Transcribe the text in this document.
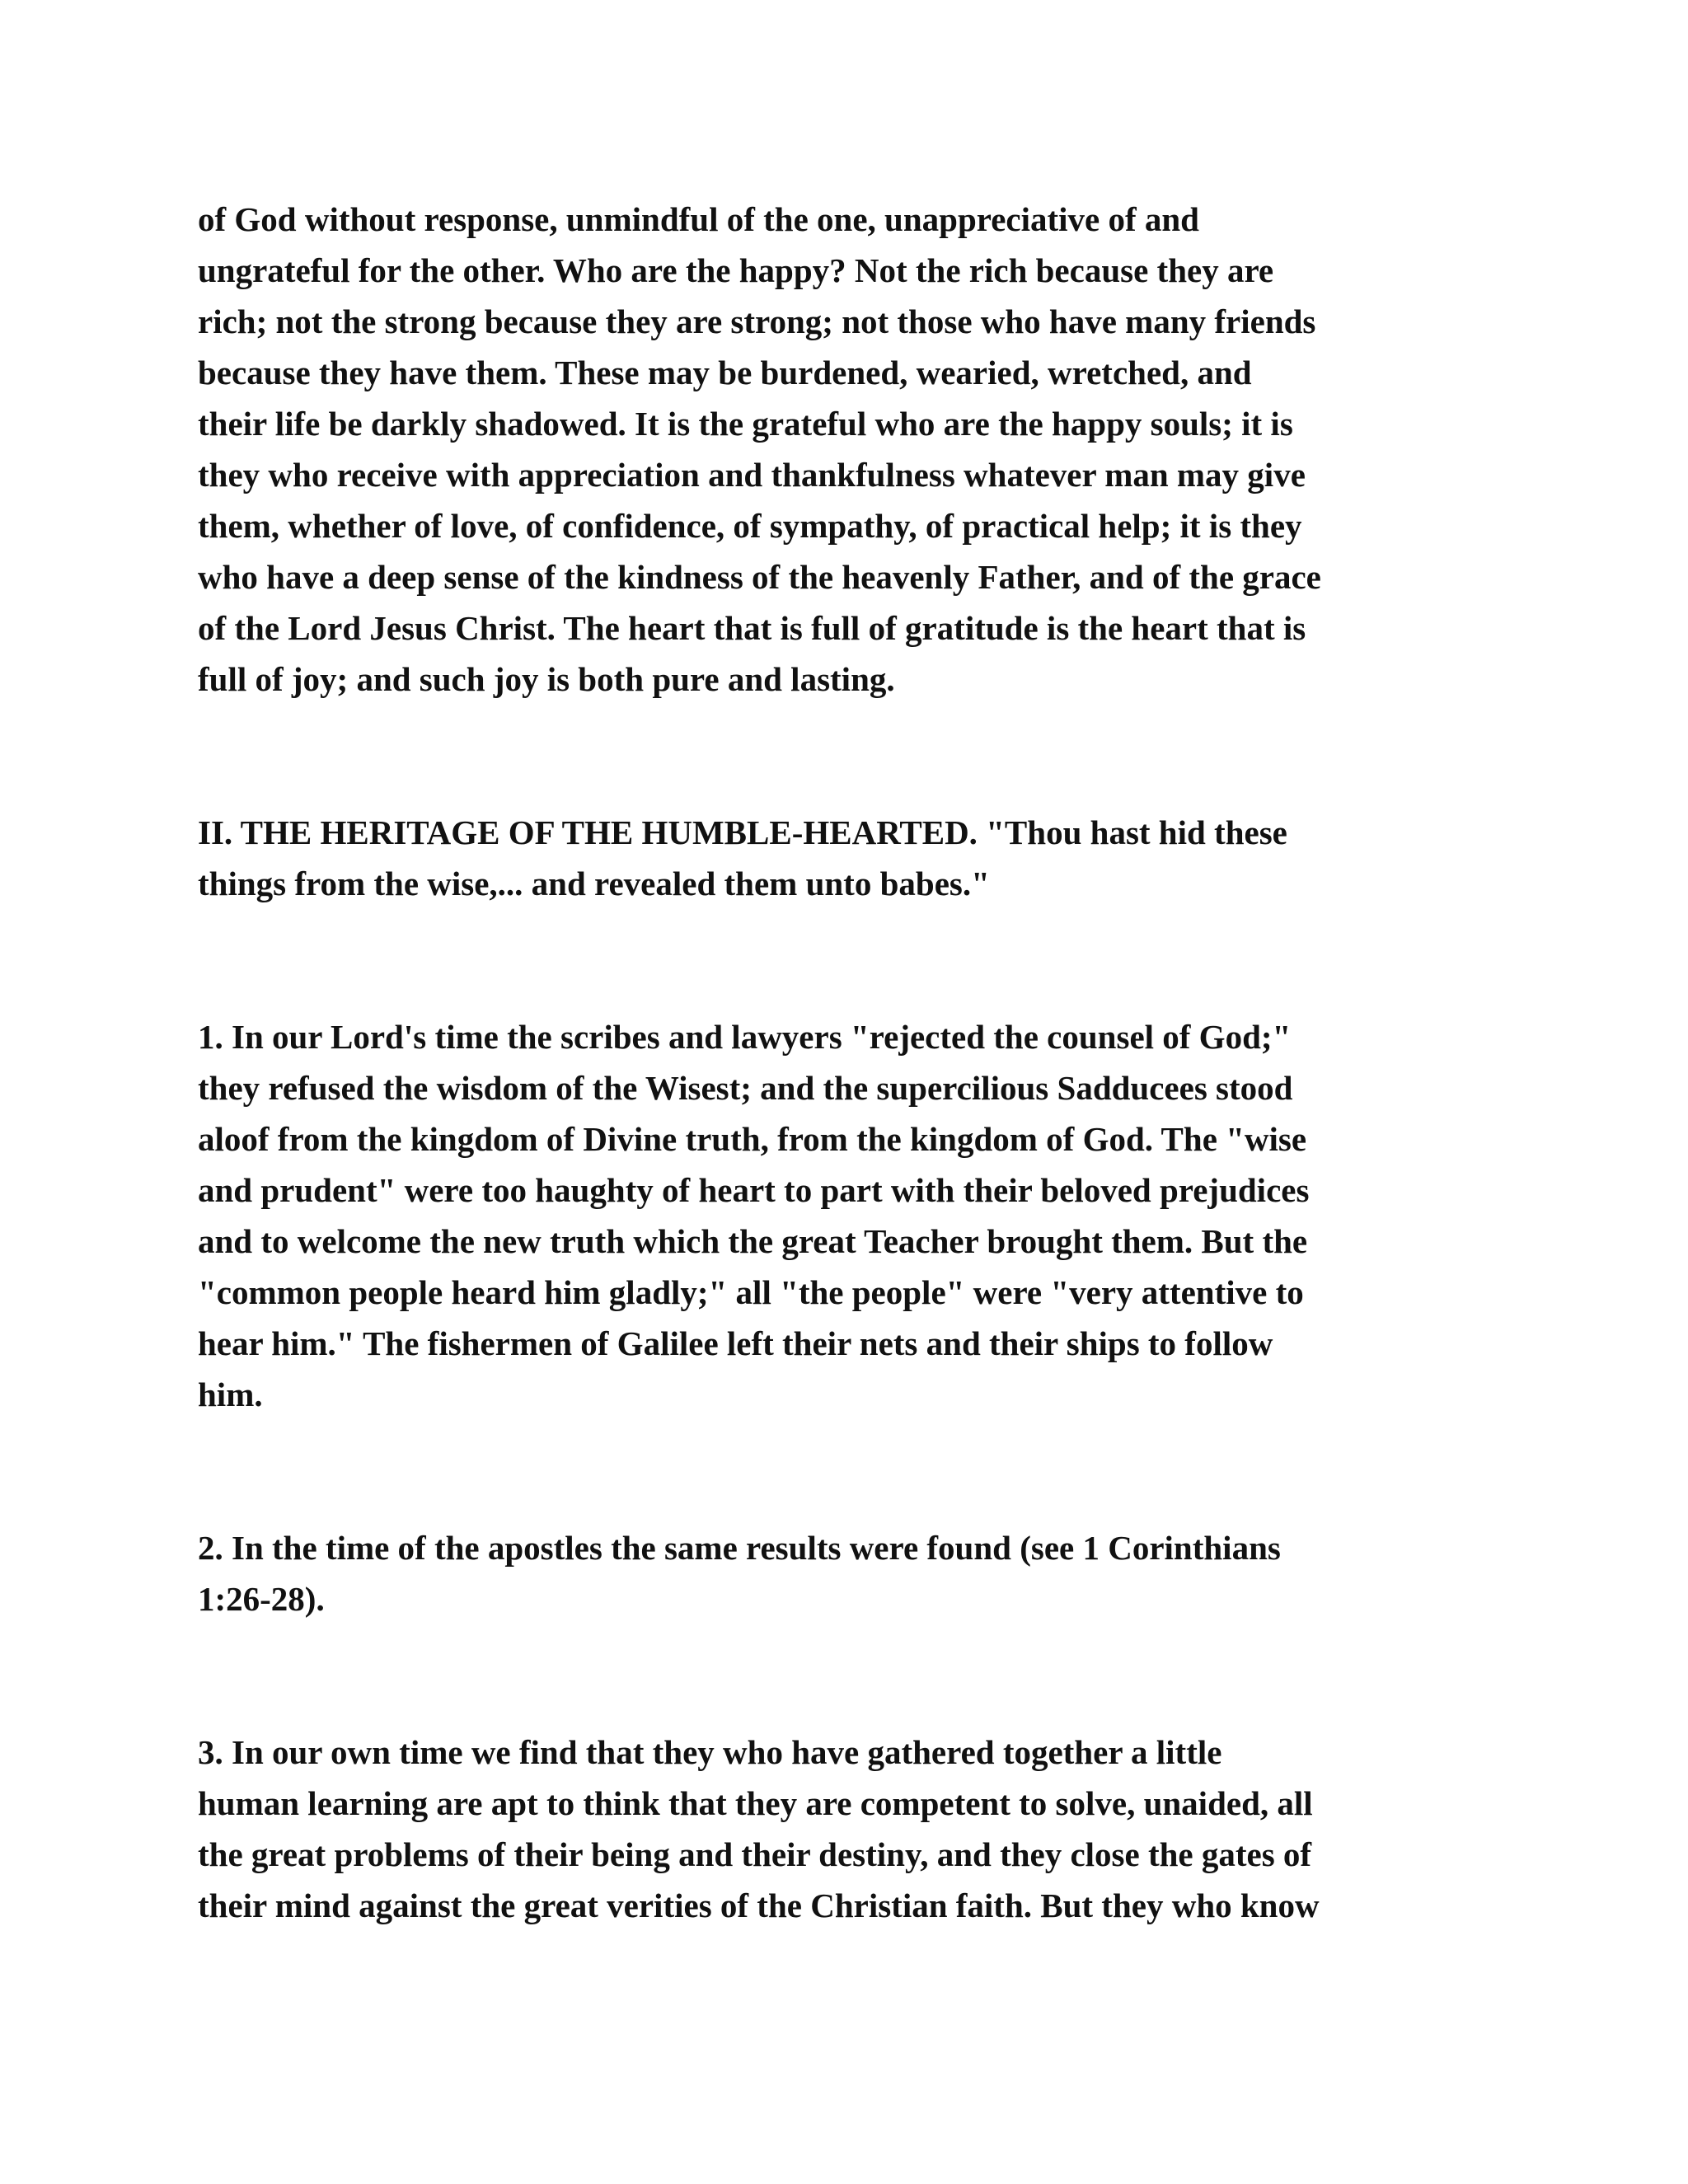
of God without response, unmindful of the one, unappreciative of and
ungrateful for the other. Who are the happy? Not the rich because they are
rich; not the strong because they are strong; not those who have many friends
because they have them. These may be burdened, wearied, wretched, and
their life be darkly shadowed. It is the grateful who are the happy souls; it is
they who receive with appreciation and thankfulness whatever man may give
them, whether of love, of confidence, of sympathy, of practical help; it is they
who have a deep sense of the kindness of the heavenly Father, and of the grace
of the Lord Jesus Christ. The heart that is full of gratitude is the heart that is
full of joy; and such joy is both pure and lasting.

II. THE HERITAGE OF THE HUMBLE-HEARTED. "Thou hast hid these
things from the wise,... and revealed them unto babes."

1. In our Lord's time the scribes and lawyers "rejected the counsel of God;"
they refused the wisdom of the Wisest; and the supercilious Sadducees stood
aloof from the kingdom of Divine truth, from the kingdom of God. The "wise
and prudent" were too haughty of heart to part with their beloved prejudices
and to welcome the new truth which the great Teacher brought them. But the
"common people heard him gladly;" all "the people" were "very attentive to
hear him." The fishermen of Galilee left their nets and their ships to follow
him.

2. In the time of the apostles the same results were found (see 1 Corinthians
1:26-28).

3. In our own time we find that they who have gathered together a little
human learning are apt to think that they are competent to solve, unaided, all
the great problems of their being and their destiny, and they close the gates of
their mind against the great verities of the Christian faith. But they who know
